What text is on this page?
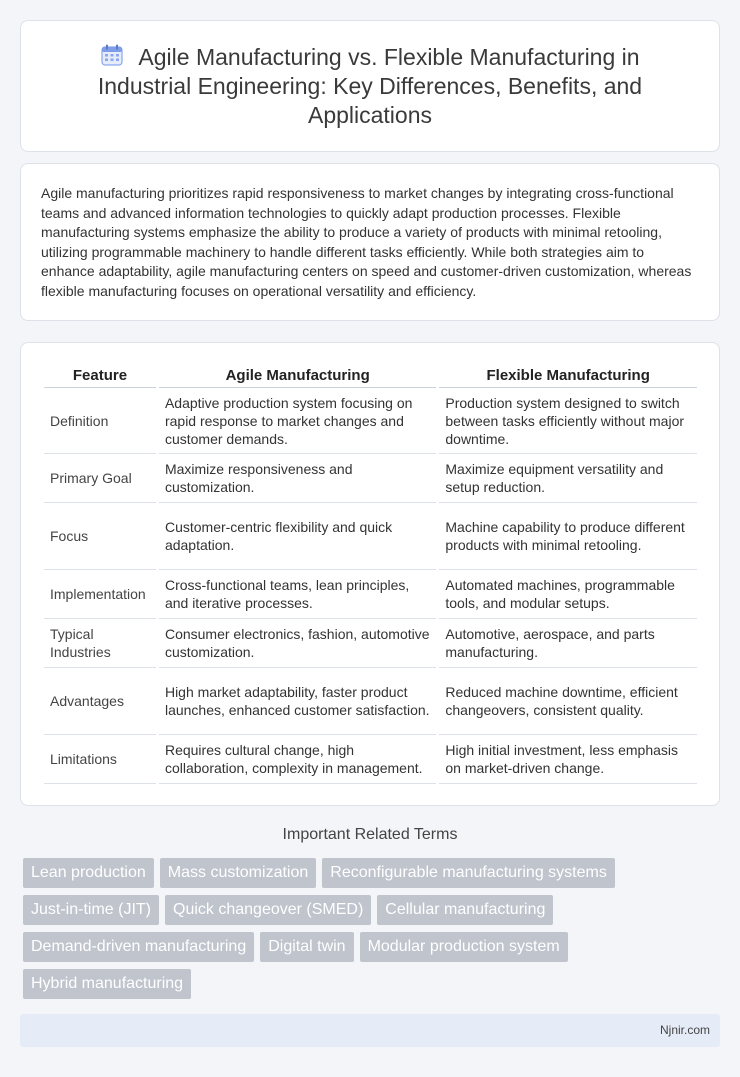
Agile Manufacturing vs. Flexible Manufacturing in Industrial Engineering: Key Differences, Benefits, and Applications

Agile manufacturing prioritizes rapid responsiveness to market changes by integrating cross-functional teams and advanced information technologies to quickly adapt production processes. Flexible manufacturing systems emphasize the ability to produce a variety of products with minimal retooling, utilizing programmable machinery to handle different tasks efficiently. While both strategies aim to enhance adaptability, agile manufacturing centers on speed and customer-driven customization, whereas flexible manufacturing focuses on operational versatility and efficiency.

Feature	Agile Manufacturing	Flexible Manufacturing
Definition	Adaptive production system focusing on rapid response to market changes and customer demands.	Production system designed to switch between tasks efficiently without major downtime.
Primary Goal	Maximize responsiveness and customization.	Maximize equipment versatility and setup reduction.
Focus	Customer-centric flexibility and quick adaptation.	Machine capability to produce different products with minimal retooling.
Implementation	Cross-functional teams, lean principles, and iterative processes.	Automated machines, programmable tools, and modular setups.
Typical Industries	Consumer electronics, fashion, automotive customization.	Automotive, aerospace, and parts manufacturing.
Advantages	High market adaptability, faster product launches, enhanced customer satisfaction.	Reduced machine downtime, efficient changeovers, consistent quality.
Limitations	Requires cultural change, high collaboration, complexity in management.	High initial investment, less emphasis on market-driven change.
Important Related Terms
Lean production	Mass customization	Reconfigurable manufacturing systems
Just-in-time (JIT)	Quick changeover (SMED)	Cellular manufacturing
Demand-driven manufacturing	Digital twin	Modular production system
Hybrid manufacturing
Njnir.com
